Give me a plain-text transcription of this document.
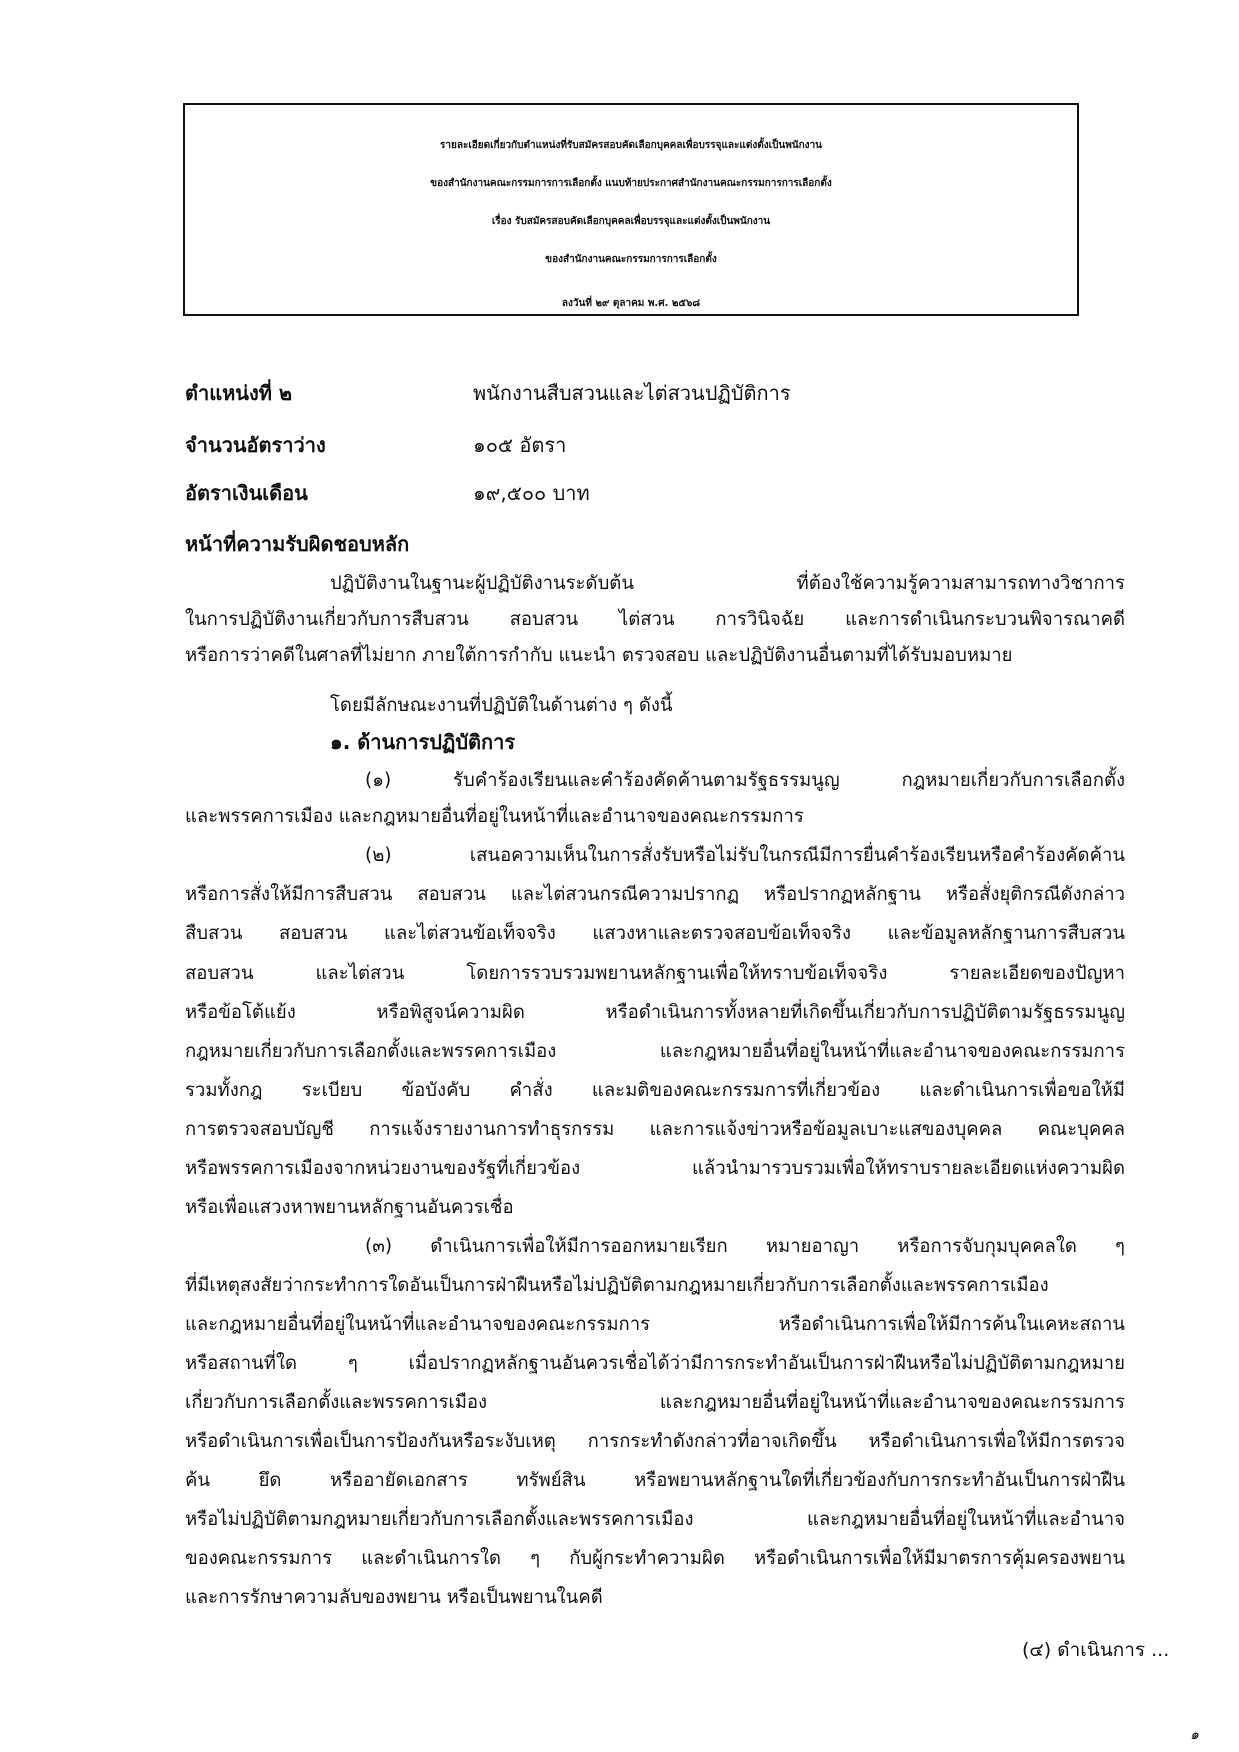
รายละเอียดเกี่ยวกับตำแหน่งที่รับสมัครสอบคัดเลือกบุคคลเพื่อบรรจุและแต่งตั้งเป็นพนักงาน
ของสำนักงานคณะกรรมการการเลือกตั้ง แนบท้ายประกาศสำนักงานคณะกรรมการการเลือกตั้ง
เรื่อง รับสมัครสอบคัดเลือกบุคคลเพื่อบรรจุและแต่งตั้งเป็นพนักงาน
ของสำนักงานคณะกรรมการการเลือกตั้ง
ลงวันที่ ๒๙ ตุลาคม พ.ศ. ๒๕๖๘
ตำแหน่งที่ ๒	พนักงานสืบสวนและไต่สวนปฏิบัติการ
จำนวนอัตราว่าง	๑๐๕ อัตรา
อัตราเงินเดือน	๑๙,๕๐๐ บาท
หน้าที่ความรับผิดชอบหลัก
ปฏิบัติงานในฐานะผู้ปฏิบัติงานระดับต้น ที่ต้องใช้ความรู้ความสามารถทางวิชาการ
ในการปฏิบัติงานเกี่ยวกับการสืบสวน สอบสวน ไต่สวน การวินิจฉัย และการดำเนินกระบวนพิจารณาคดี
หรือการว่าคดีในศาลที่ไม่ยาก ภายใต้การกำกับ แนะนำ ตรวจสอบ และปฏิบัติงานอื่นตามที่ได้รับมอบหมาย
โดยมีลักษณะงานที่ปฏิบัติในด้านต่าง ๆ ดังนี้
๑. ด้านการปฏิบัติการ
(๑) รับคำร้องเรียนและคำร้องคัดค้านตามรัฐธรรมนูญ กฎหมายเกี่ยวกับการเลือกตั้ง
และพรรคการเมือง และกฎหมายอื่นที่อยู่ในหน้าที่และอำนาจของคณะกรรมการ
(๒) เสนอความเห็นในการสั่งรับหรือไม่รับในกรณีมีการยื่นคำร้องเรียนหรือคำร้องคัดค้าน
หรือการสั่งให้มีการสืบสวน สอบสวน และไต่สวนกรณีความปรากฏ หรือปรากฏหลักฐาน หรือสั่งยุติกรณีดังกล่าว
สืบสวน สอบสวน และไต่สวนข้อเท็จจริง แสวงหาและตรวจสอบข้อเท็จจริง และข้อมูลหลักฐานการสืบสวน
สอบสวน และไต่สวน โดยการรวบรวมพยานหลักฐานเพื่อให้ทราบข้อเท็จจริง รายละเอียดของปัญหา
หรือข้อโต้แย้ง หรือพิสูจน์ความผิด หรือดำเนินการทั้งหลายที่เกิดขึ้นเกี่ยวกับการปฏิบัติตามรัฐธรรมนูญ
กฎหมายเกี่ยวกับการเลือกตั้งและพรรคการเมือง และกฎหมายอื่นที่อยู่ในหน้าที่และอำนาจของคณะกรรมการ
รวมทั้งกฎ ระเบียบ ข้อบังคับ คำสั่ง และมติของคณะกรรมการที่เกี่ยวข้อง และดำเนินการเพื่อขอให้มี
การตรวจสอบบัญชี การแจ้งรายงานการทำธุรกรรม และการแจ้งข่าวหรือข้อมูลเบาะแสของบุคคล คณะบุคคล
หรือพรรคการเมืองจากหน่วยงานของรัฐที่เกี่ยวข้อง แล้วนำมารวบรวมเพื่อให้ทราบรายละเอียดแห่งความผิด
หรือเพื่อแสวงหาพยานหลักฐานอันควรเชื่อ
(๓) ดำเนินการเพื่อให้มีการออกหมายเรียก หมายอาญา หรือการจับกุมบุคคลใด ๆ
ที่มีเหตุสงสัยว่ากระทำการใดอันเป็นการฝ่าฝืนหรือไม่ปฏิบัติตามกฎหมายเกี่ยวกับการเลือกตั้งและพรรคการเมือง
และกฎหมายอื่นที่อยู่ในหน้าที่และอำนาจของคณะกรรมการ หรือดำเนินการเพื่อให้มีการค้นในเคหะสถาน
หรือสถานที่ใด ๆ เมื่อปรากฏหลักฐานอันควรเชื่อได้ว่ามีการกระทำอันเป็นการฝ่าฝืนหรือไม่ปฏิบัติตามกฎหมาย
เกี่ยวกับการเลือกตั้งและพรรคการเมือง และกฎหมายอื่นที่อยู่ในหน้าที่และอำนาจของคณะกรรมการ
หรือดำเนินการเพื่อเป็นการป้องกันหรือระงับเหตุ การกระทำดังกล่าวที่อาจเกิดขึ้น หรือดำเนินการเพื่อให้มีการตรวจ
ค้น ยึด หรืออายัดเอกสาร ทรัพย์สิน หรือพยานหลักฐานใดที่เกี่ยวข้องกับการกระทำอันเป็นการฝ่าฝืน
หรือไม่ปฏิบัติตามกฎหมายเกี่ยวกับการเลือกตั้งและพรรคการเมือง และกฎหมายอื่นที่อยู่ในหน้าที่และอำนาจ
ของคณะกรรมการ และดำเนินการใด ๆ กับผู้กระทำความผิด หรือดำเนินการเพื่อให้มีมาตรการคุ้มครองพยาน
และการรักษาความลับของพยาน หรือเป็นพยานในคดี
(๔) ดำเนินการ ...
๑
